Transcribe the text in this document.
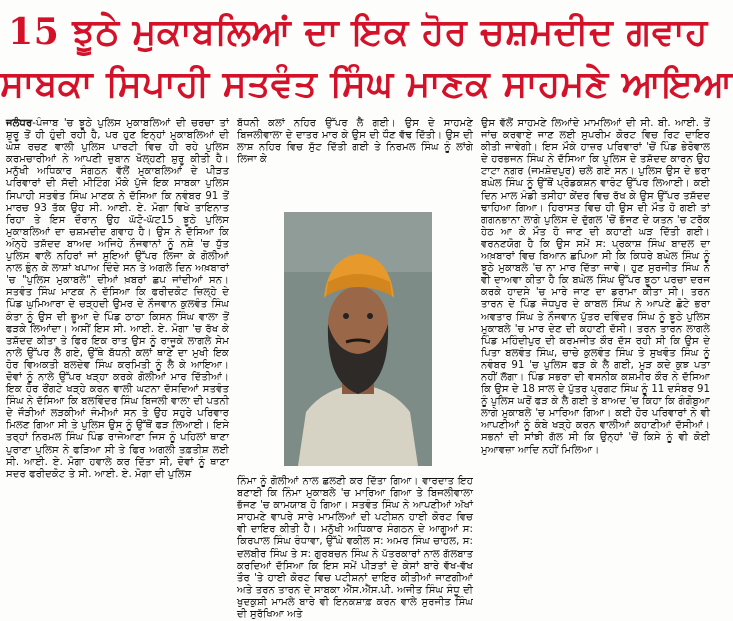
15 ਝੂਠੇ ਮੁਕਾਬਲਿਆਂ ਦਾ ਇਕ ਹੋਰ ਚਸ਼ਮਦੀਦ ਗਵਾਹ
ਸਾਬਕਾ ਸਿਪਾਹੀ ਸਤਵੰਤ ਸਿੰਘ ਮਾਣਕ ਸਾਹਮਣੇ ਆਇਆ

ਜਲੰਧਰ-ਪੰਜਾਬ 'ਚ ਝੂਠੇ ਪੁਲਿਸ ਮੁਕਾਬਲਿਆਂ ਦੀ ਚਰਚਾ ਤਾਂ ਸ਼ੁਰੂ ਤੋਂ ਹੀ ਹੁੰਦੀ ਰਹੀ ਹੈ, ਪਰ ਹੁਣ ਇਨ੍ਹਾਂ ਮੁਕਾਬਲਿਆਂ ਦੀ ਘੋਸ਼ ਰਚਣ ਵਾਲੀ ਪੁਲਿਸ ਪਾਰਟੀ ਵਿਚ ਹੀ ਰਹੇ ਪੁਲਿਸ ਕਰਮਚਾਰੀਆਂ ਨੇ ਆਪਣੀ ਜ਼ੁਬਾਨ ਖੋਲ੍ਹਣੀ ਸ਼ੁਰੂ ਕੀਤੀ ਹੈ। ਮਨੁੱਖੀ ਅਧਿਕਾਰ ਸੰਗਠਨ ਵੱਲੋਂ ਮੁਕਾਬਲਿਆਂ ਦੇ ਪੀੜਤ ਪਰਿਵਾਰਾਂ ਦੀ ਸੱਦੀ ਮੀਟਿੰਗ ਮੌਕੇ ਪੁੱਜੇ ਇਕ ਸਾਬਕਾ ਪੁਲਿਸ ਸਿਪਾਹੀ ਸਤਵੰਤ ਸਿੰਘ ਮਾਣਕ ਨੇ ਦੱਸਿਆ ਕਿ ਨਵੰਬਰ 91 ਤੋਂ ਮਾਰਚ 93 ਤੱਕ ਉਹ ਸੀ. ਆਈ. ਏ. ਮੋਗਾ ਵਿਖੇ ਤਾਇਨਾਤ ਰਿਹਾ ਤੇ ਇਸ ਦੌਰਾਨ ਉਹ ਘੱਟੋ-ਘੱਟ15 ਝੂਠੇ ਪੁਲਿਸ ਮੁਕਾਬਲਿਆਂ ਦਾ ਚਸ਼ਮਦੀਦ ਗਵਾਹ ਹੈ। ਉਸ ਨੇ ਦੱਸਿਆ ਕਿ ਅੰਨ੍ਹੇ ਤਸ਼ੱਦਦ ਬਾਅਦ ਅਜਿਹੇ ਨੌਜਵਾਨਾਂ ਨੂੰ ਨਸ਼ੇ 'ਚ ਧੁੱਤ ਪੁਲਿਸ ਵਾਲੇ ਨਹਿਰਾਂ ਜਾਂ ਸੁਇਆਂ ਉੱਪਰ ਲਿਜਾ ਕੇ ਗੋਲੀਆਂ ਨਾਲ ਭੁੰਨ ਕੇ ਲਾਸ਼ਾਂ ਖਪਾਅ ਦਿੰਦੇ ਸਨ ਤੇ ਅਗਲੇ ਦਿਨ ਅਖ਼ਬਾਰਾਂ 'ਚ "ਪੁਲਿਸ ਮੁਕਾਬਲੇ" ਦੀਆਂ ਖ਼ਬਰਾਂ ਛਪ ਜਾਂਦੀਆਂ ਸਨ। ਸਤਵੰਤ ਸਿੰਘ ਮਾਣਕ ਨੇ ਦੱਸਿਆ ਕਿ ਫਰੀਦਕੋਟ ਜ਼ਿਲ੍ਹੇ ਦੇ ਪਿੰਡ ਘੁਮਿਆਰਾ ਦੇ ਚੜ੍ਹਦੀ ਉਮਰ ਦੇ ਨੌਜਵਾਨ ਕੁਲਵੰਤ ਸਿੰਘ ਕੰਤਾ ਨੂੰ ਉਸ ਦੀ ਭੂਆ ਦੇ ਪਿੰਡ ਠਾਠਾ ਕਿਸਨ ਸਿੰਘ ਵਾਲਾ ਤੋਂ ਫੜਕੇ ਲਿਆਂਦਾ। ਅਸੀਂ ਇਸ ਸੀ. ਆਈ. ਏ. ਮੋਗਾ 'ਚ ਰੱਖ ਕੇ ਤਸ਼ੱਦਦ ਕੀਤਾ ਤੇ ਫਿਰ ਇਕ ਰਾਤ ਉਸ ਨੂੰ ਰਾਜੂਕੇ ਲਾਗਲੇ ਸੇਮ ਨਾਲੇ ਉੱਪਰ ਲੈ ਗਏ, ਉੱਥੇ ਬੱਧਨੀ ਕਲਾਂ ਥਾਣੇ ਦਾ ਮੁਖੀ ਇਕ ਹੋਰ ਵਿਅਕਤੀ ਬਲਦੇਵ ਸਿੰਘ ਕਰਮਿਤੀ ਨੂੰ ਲੈ ਕੇ ਆਇਆ। ਦੋਵਾਂ ਨੂੰ ਨਾਲੇ ਉੱਪਰ ਖੜ੍ਹਾ ਕਰਕੇ ਗੋਲੀਆਂ ਮਾਰ ਦਿੱਤੀਆਂ। ਇਕ ਹੋਰ ਰੌਂਗਟੇ ਖੜ੍ਹੇ ਕਰਨ ਵਾਲੀ ਘਟਨਾ ਦੱਸਦਿਆਂ ਸਤਵੰਤ ਸਿੰਘ ਨੇ ਦੱਸਿਆ ਕਿ ਬਲਵਿੰਦਰ ਸਿੰਘ ਬਿਜਲੀ ਵਾਲਾ ਦੀ ਪਤਨੀ ਦੇ ਜੌੜੀਆਂ ਲੜਕੀਆਂ ਜੰਮੀਆਂ ਸਨ ਤੇ ਉਹ ਸਹੁਰੇ ਪਰਿਵਾਰ ਮਿਲਣ ਗਿਆ ਸੀ ਤੇ ਪੁਲਿਸ ਉਸ ਨੂੰ ਉੱਥੋਂ ਫੜ ਲਿਆਈ। ਇਸੇ ਤਰ੍ਹਾਂ ਨਿਰਮਲ ਸਿੰਘ ਪਿੰਡ ਰਾਜੇਆਣਾ ਜਿਸ ਨੂੰ ਪਹਿਲਾਂ ਥਾਣਾ ਪੁਰਾਣਾ ਪੁਲਿਸ ਨੇ ਫੜਿਆ ਸੀ ਤੇ ਫਿਰ ਅਗਲੀ ਤਫ਼ਤੀਸ਼ ਲਈ ਸੀ. ਆਈ. ਏ. ਮੋਗਾ ਹਵਾਲੇ ਕਰ ਦਿੱਤਾ ਸੀ, ਦੋਵਾਂ ਨੂੰ ਥਾਣਾ ਸਦਰ ਫਰੀਦਕੋਟ ਤੇ ਸੀ. ਆਈ. ਏ. ਮੋਗਾ ਦੀ ਪੁਲਿਸ

ਬੱਧਨੀ ਕਲਾਂ ਨਹਿਰ ਉੱਪਰ ਲੈ ਗਈ। ਉਸ ਦੇ ਸਾਹਮਣੇ ਬਿਜਲੀਵਾਲਾ ਦੇ ਦਾਤਰ ਮਾਰ ਕੇ ਉਸ ਦੀ ਧੌਣ ਵੱਢ ਦਿੱਤੀ। ਉਸ ਦੀ ਲਾਸ਼ ਨਹਿਰ ਵਿਚ ਸੁੱਟ ਦਿੱਤੀ ਗਈ ਤੇ ਨਿਰਮਲ ਸਿੰਘ ਨੂੰ ਲਾਂਗੇ ਲਿਜਾ ਕੇ

ਨਿੰਮਾ ਨੂੰ ਗੋਲੀਆਂ ਨਾਲ ਛਲਣੀ ਕਰ ਦਿੱਤਾ ਗਿਆ। ਵਾਰਦਾਤ ਇਹ ਬਣਾਈ ਕਿ ਨਿੰਮਾ ਮੁਕਾਬਲੇ 'ਚ ਮਾਰਿਆ ਗਿਆ ਤੇ ਬਿਜਲੀਵਾਲਾ ਭੱਜਣ 'ਚ ਕਾਮਯਾਬ ਹੋ ਗਿਆ। ਸਤਵੰਤ ਸਿੰਘ ਨੇ ਆਪਣੀਆਂ ਅੱਖਾਂ ਸਾਹਮਣੇ ਵਾਪਰੇ ਸਾਰੇ ਮਾਮਲਿਆਂ ਦੀ ਪਟੀਸ਼ਨ ਹਾਈ ਕੋਰਟ ਵਿਚ ਵੀ ਦਾਇਰ ਕੀਤੀ ਹੈ। ਮਨੁੱਖੀ ਅਧਿਕਾਰ ਸੰਗਠਨ ਦੇ ਆਗੂਆਂ ਸ: ਕਿਰਪਾਲ ਸਿੰਘ ਰੰਧਾਵਾ, ਉੱਘੇ ਵਕੀਲ ਸ: ਅਮਰ ਸਿੰਘ ਚਾਹਲ, ਸ: ਦਲਬੀਰ ਸਿੰਘ ਤੇ ਸ: ਗੁਰਬਚਨ ਸਿੰਘ ਨੇ ਪੱਤਰਕਾਰਾਂ ਨਾਲ ਗੱਲਬਾਤ ਕਰਦਿਆਂ ਦੱਸਿਆ ਕਿ ਇਸ ਸਮੇਂ ਪੀੜਤਾਂ ਦੇ ਕੇਸਾਂ ਬਾਰੇ ਵੱਖ-ਵੱਖ ਤੌਰ 'ਤੇ ਹਾਈ ਕੋਰਟ ਵਿਚ ਪਟੀਸ਼ਨਾਂ ਦਾਇਰ ਕੀਤੀਆਂ ਜਾਣਗੀਆਂ ਅਤੇ ਤਰਨ ਤਾਰਨ ਦੇ ਸਾਬਕਾ ਐੱਸ.ਐੱਸ.ਪੀ. ਅਜੀਤ ਸਿੰਘ ਸੰਧੂ ਦੀ ਖੁਦਕੁਸ਼ੀ ਮਾਮਲੇ ਬਾਰੇ ਵੀ ਇਨਕਸ਼ਾਫ਼ ਕਰਨ ਵਾਲੇ ਸੁਰਜੀਤ ਸਿੰਘ ਦੀ ਸੁਰੱਖਿਆ ਅਤੇ

ਉਸ ਵੱਲੋਂ ਸਾਹਮਣੇ ਲਿਆਂਦੇ ਮਾਮਲਿਆਂ ਦੀ ਸੀ. ਬੀ. ਆਈ. ਤੋਂ ਜਾਂਚ ਕਰਵਾਏ ਜਾਣ ਲਈ ਸੁਪਰੀਮ ਕੋਰਟ ਵਿਚ ਰਿਟ ਦਾਇਰ ਕੀਤੀ ਜਾਵੇਗੀ। ਇਸ ਮੌਕੇ ਹਾਜ਼ਰ ਪਰਿਵਾਰਾਂ 'ਚੋਂ ਪਿੰਡ ਭੇਰੋਵਾਲ ਦੇ ਹਰਭਜਨ ਸਿੰਘ ਨੇ ਦੱਸਿਆ ਕਿ ਪੁਲਿਸ ਦੇ ਤਸ਼ੱਦਦ ਕਾਰਨ ਉਹ ਟਾਟਾ ਨਗਰ (ਜਮਸ਼ੇਦਪੁਰ) ਚਲੇ ਗਏ ਸਨ। ਪੁਲਿਸ ਉਸ ਦੇ ਭਰਾ ਬਘੇਲ ਸਿੰਘ ਨੂੰ ਉੱਥੋਂ ਪ੍ਰੋਡਕਸ਼ਨ ਵਾਰੰਟ ਉੱਪਰ ਲਿਆਈ। ਕਈ ਦਿਨ ਮਾਲ ਮੰਡੀ ਤਸੀਹਾ ਕੇਂਦਰ ਵਿਚ ਰੱਖ ਕੇ ਉਸ ਉੱਪਰ ਤਸ਼ੱਦਦ ਢਾਹਿਆ ਗਿਆ। ਹਿਰਾਸਤ ਵਿਚ ਹੀ ਉਸ ਦੀ ਮੌਤ ਹੋ ਗਈ ਤਾਂ ਗਗਨਭਾਨਾ ਲਾਗੇ ਪੁਲਿਸ ਦੇ ਦੁੱਗਲ 'ਚੋਂ ਭੱਜਣ ਦੇ ਯਤਨ 'ਚ ਟਰੱਕ ਹੇਠ ਆ ਕੇ ਮੌਤ ਹੋ ਜਾਣ ਦੀ ਕਹਾਣੀ ਘੜ ਦਿੱਤੀ ਗਈ। ਵਰਨਣਯੋਗ ਹੈ ਕਿ ਉਸ ਸਮੇਂ ਸ: ਪ੍ਰਕਾਸ਼ ਸਿੰਘ ਬਾਦਲ ਦਾ ਅਖ਼ਬਾਰਾਂ ਵਿਚ ਬਿਆਨ ਛਪਿਆ ਸੀ ਕਿ ਕਿਧਰੇ ਬਘੇਲ ਸਿੰਘ ਨੂੰ ਝੂਠੇ ਮੁਕਾਬਲੇ 'ਚ ਨਾ ਮਾਰ ਦਿੱਤਾ ਜਾਵੇ। ਹੁਣ ਸੁਰਜੀਤ ਸਿੰਘ ਨੇ ਵੀ ਦਾਅਵਾ ਕੀਤਾ ਹੈ ਕਿ ਬਘੇਲ ਸਿੰਘ ਉੱਪਰ ਝੂਠਾ ਪਰਚਾ ਦਰਜ ਕਰਕੇ ਹਾਦਸੇ 'ਚ ਮਾਰੇ ਜਾਣ ਦਾ ਡਰਾਮਾ ਕੀਤਾ ਸੀ। ਤਰਨ ਤਾਰਨ ਦੇ ਪਿੰਡ ਜੋਧਪੁਰ ਦੇ ਕਾਬਲ ਸਿੰਘ ਨੇ ਆਪਣੇ ਛੋਟੇ ਭਰਾ ਅਵਤਾਰ ਸਿੰਘ ਤੇ ਨੌਜਵਾਨ ਪੁੱਤਰ ਦਵਿੰਦਰ ਸਿੰਘ ਨੂੰ ਝੂਠੇ ਪੁਲਿਸ ਮੁਕਾਬਲੇ 'ਚ ਮਾਰ ਦੇਣ ਦੀ ਕਹਾਣੀ ਦੱਸੀ। ਤਰਨ ਤਾਰਨ ਲਾਗਲੇ ਪਿੰਡ ਮਹਿੰਦੀਪੁਰ ਦੀ ਕਰਮਜੀਤ ਕੌਰ ਦੱਸ ਰਹੀ ਸੀ ਕਿ ਉਸ ਦੇ ਪਿਤਾ ਬਲਵੰਤ ਸਿੰਘ, ਚਾਚੇ ਕੁਲਵੰਤ ਸਿੰਘ ਤੇ ਸੁਖਵੰਤ ਸਿੰਘ ਨੂੰ ਨਵੰਬਰ 91 'ਚ ਪੁਲਿਸ ਫੜ ਕੇ ਲੈ ਗਈ, ਮੁੜ ਕਦੇ ਕੁਝ ਪਤਾ ਨਹੀਂ ਲੱਗਾ। ਪਿੰਡ ਸਭਰਾ ਦੀ ਵਸਨੀਕ ਕਸ਼ਮੀਰ ਕੌਰ ਨੇ ਦੱਸਿਆ ਕਿ ਉਸ ਦੇ 18 ਸਾਲ ਦੇ ਪੁੱਤਰ ਪ੍ਰਗਟ ਸਿੰਘ ਨੂੰ 11 ਦਸੰਬਰ 91 ਨੂੰ ਪੁਲਿਸ ਘਰੋਂ ਫੜ ਕੇ ਲੈ ਗਈ ਤੇ ਬਾਅਦ 'ਚ ਕਿਹਾ ਕਿ ਗੰਗੋਬੁਆ ਲਾਗੇ ਮੁਕਾਬਲੇ 'ਚ ਮਾਰਿਆ ਗਿਆ। ਕਈ ਹੋਰ ਪਰਿਵਾਰਾਂ ਨੇ ਵੀ ਆਪਣੀਆਂ ਨੂੰ ਕੰਬੇ ਖੜ੍ਹੇ ਕਰਨ ਵਾਲੀਆਂ ਕਹਾਣੀਆਂ ਦੱਸੀਆਂ। ਸਭਨਾਂ ਦੀ ਸਾਂਝੀ ਗੱਲ ਸੀ ਕਿ ਉਨ੍ਹਾਂ 'ਚੋਂ ਕਿਸੇ ਨੂੰ ਵੀ ਕੋਈ ਮੁਆਵਜ਼ਾ ਆਦਿ ਨਹੀਂ ਮਿਲਿਆ।
